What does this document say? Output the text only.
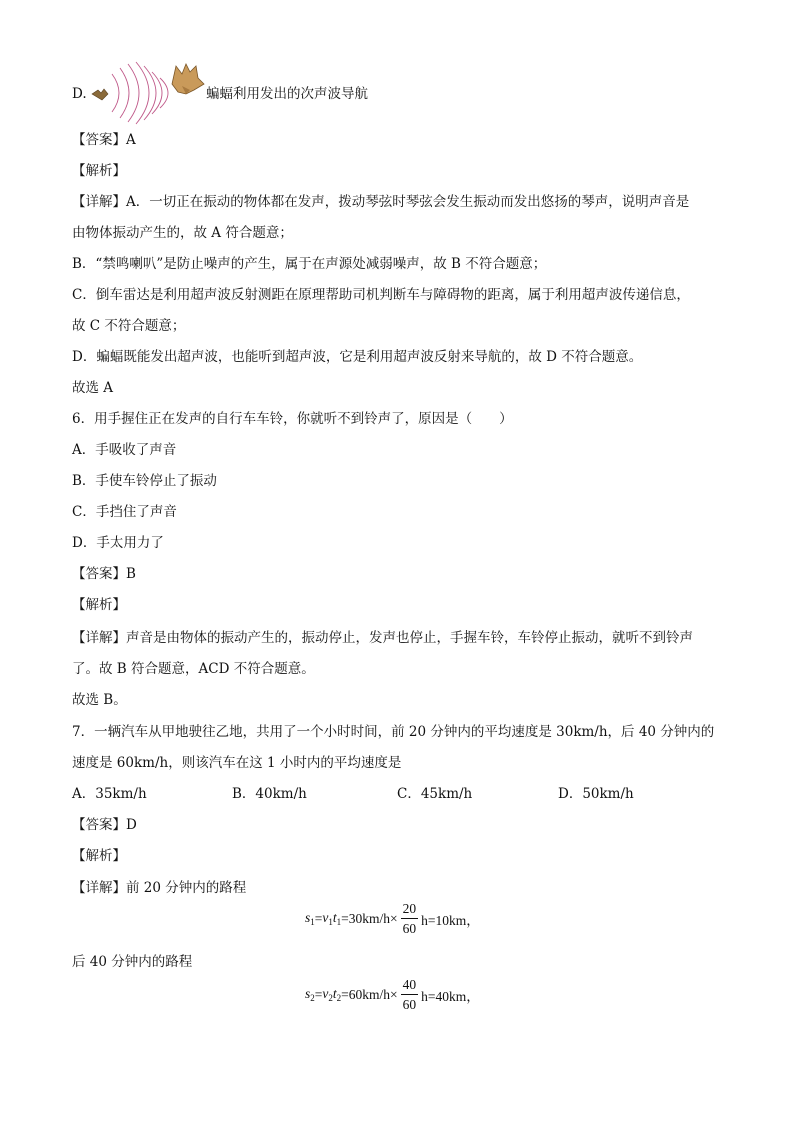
D.	蝙蝠利用发出的次声波导航
【答案】A
【解析】
【详解】A．一切正在振动的物体都在发声，拨动琴弦时琴弦会发生振动而发出悠扬的琴声，说明声音是
由物体振动产生的，故 A 符合题意；
B．“禁鸣喇叭”是防止噪声的产生，属于在声源处减弱噪声，故 B 不符合题意；
C．倒车雷达是利用超声波反射测距在原理帮助司机判断车与障碍物的距离，属于利用超声波传递信息，
故 C 不符合题意；
D．蝙蝠既能发出超声波，也能听到超声波，它是利用超声波反射来导航的，故 D 不符合题意。
故选 A
6．用手握住正在发声的自行车车铃，你就听不到铃声了，原因是（　　）
A．手吸收了声音
B．手使车铃停止了振动
C．手挡住了声音
D．手太用力了
【答案】B
【解析】
【详解】声音是由物体的振动产生的，振动停止，发声也停止，手握车铃，车铃停止振动，就听不到铃声
了。故 B 符合题意，ACD 不符合题意。
故选 B。
7．一辆汽车从甲地驶往乙地，共用了一个小时时间，前 20 分钟内的平均速度是 30km/h，后 40 分钟内的
速度是 60km/h，则该汽车在这 1 小时内的平均速度是
A．35km/h	B．40km/h	C．45km/h	D．50km/h
【答案】D
【解析】
【详解】前 20 分钟内的路程
$s_1 = v_1$ $t_1 =30km/h\times \frac{20}{60} h=10km$，
后 40 分钟内的路程
$s_2 = v_2$ $t_2 =60km/h\times \frac{40}{60} h=40km$，
